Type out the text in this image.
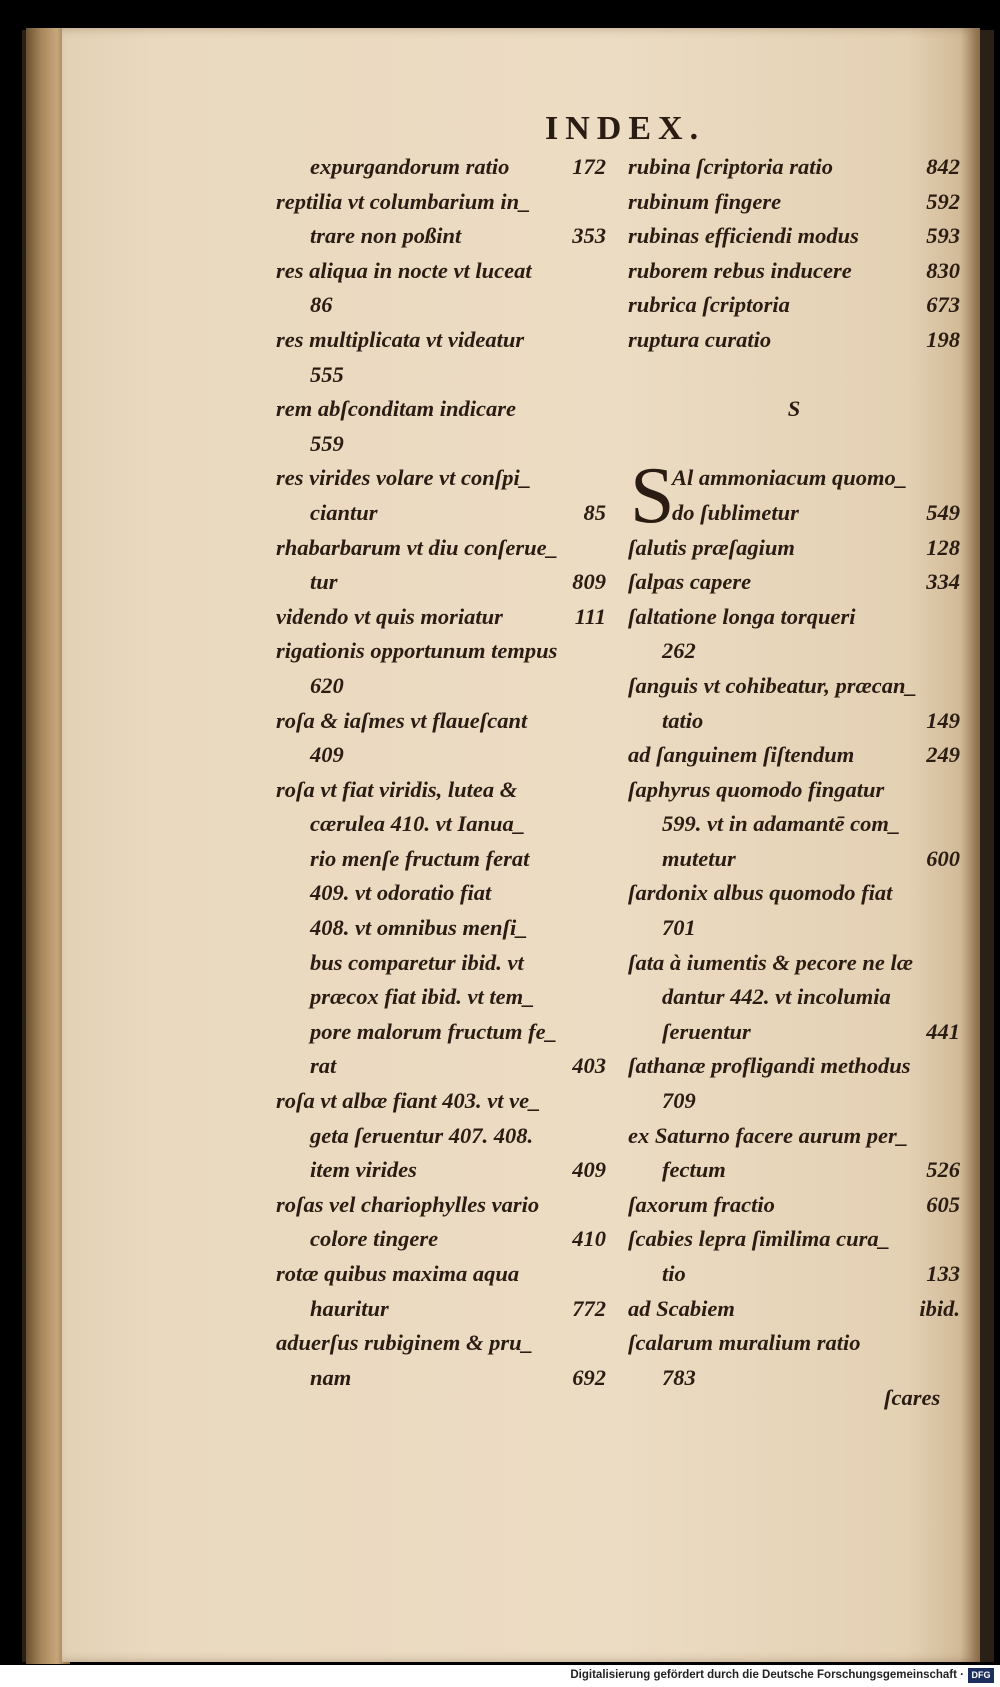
INDEX.
expurgandorum ratio	172
reptilia vt columbarium in_
trare non poßint	353
res aliqua in nocte vt luceat
86
res multiplicata vt videatur
555
rem abſconditam indicare
559
res virides volare vt conſpi_
ciantur	85
rhabarbarum vt diu conſerue_
tur	809
videndo vt quis moriatur	111
rigationis opportunum tempus
620
roſa & iaſmes vt flaueſcant
409
roſa vt fiat viridis, lutea &
cærulea 410. vt Ianua_
rio menſe fructum ferat
409. vt odoratio fiat
408. vt omnibus menſi_
bus comparetur ibid. vt
præcox fiat ibid. vt tem_
pore malorum fructum fe_
rat	403
roſa vt albæ fiant 403. vt ve_
geta ſeruentur 407. 408.
item virides	409
roſas vel chariophylles vario
colore tingere	410
rotæ quibus maxima aqua
hauritur	772
aduerſus rubiginem & pru_
nam	692
rubina ſcriptoria ratio	842
rubinum fingere	592
rubinas efficiendi modus	593
ruborem rebus inducere	830
rubrica ſcriptoria	673
ruptura curatio	198
S
Al ammoniacum quomo_
S
do ſublimetur	549
ſalutis præſagium	128
ſalpas capere	334
ſaltatione longa torqueri
262
ſanguis vt cohibeatur, præcan_
tatio	149
ad ſanguinem ſiſtendum	249
ſaphyrus quomodo fingatur
599. vt in adamantē com_
mutetur	600
ſardonix albus quomodo fiat
701
ſata à iumentis & pecore ne læ
dantur 442. vt incolumia
ſeruentur	441
ſathanæ profligandi methodus
709
ex Saturno facere aurum per_
fectum	526
ſaxorum fractio	605
ſcabies lepra ſimilima cura_
tio	133
ad Scabiem	ibid.
ſcalarum muralium ratio
783
ſcares
Digitalisierung gefördert durch die Deutsche Forschungsgemeinschaft · DFG
